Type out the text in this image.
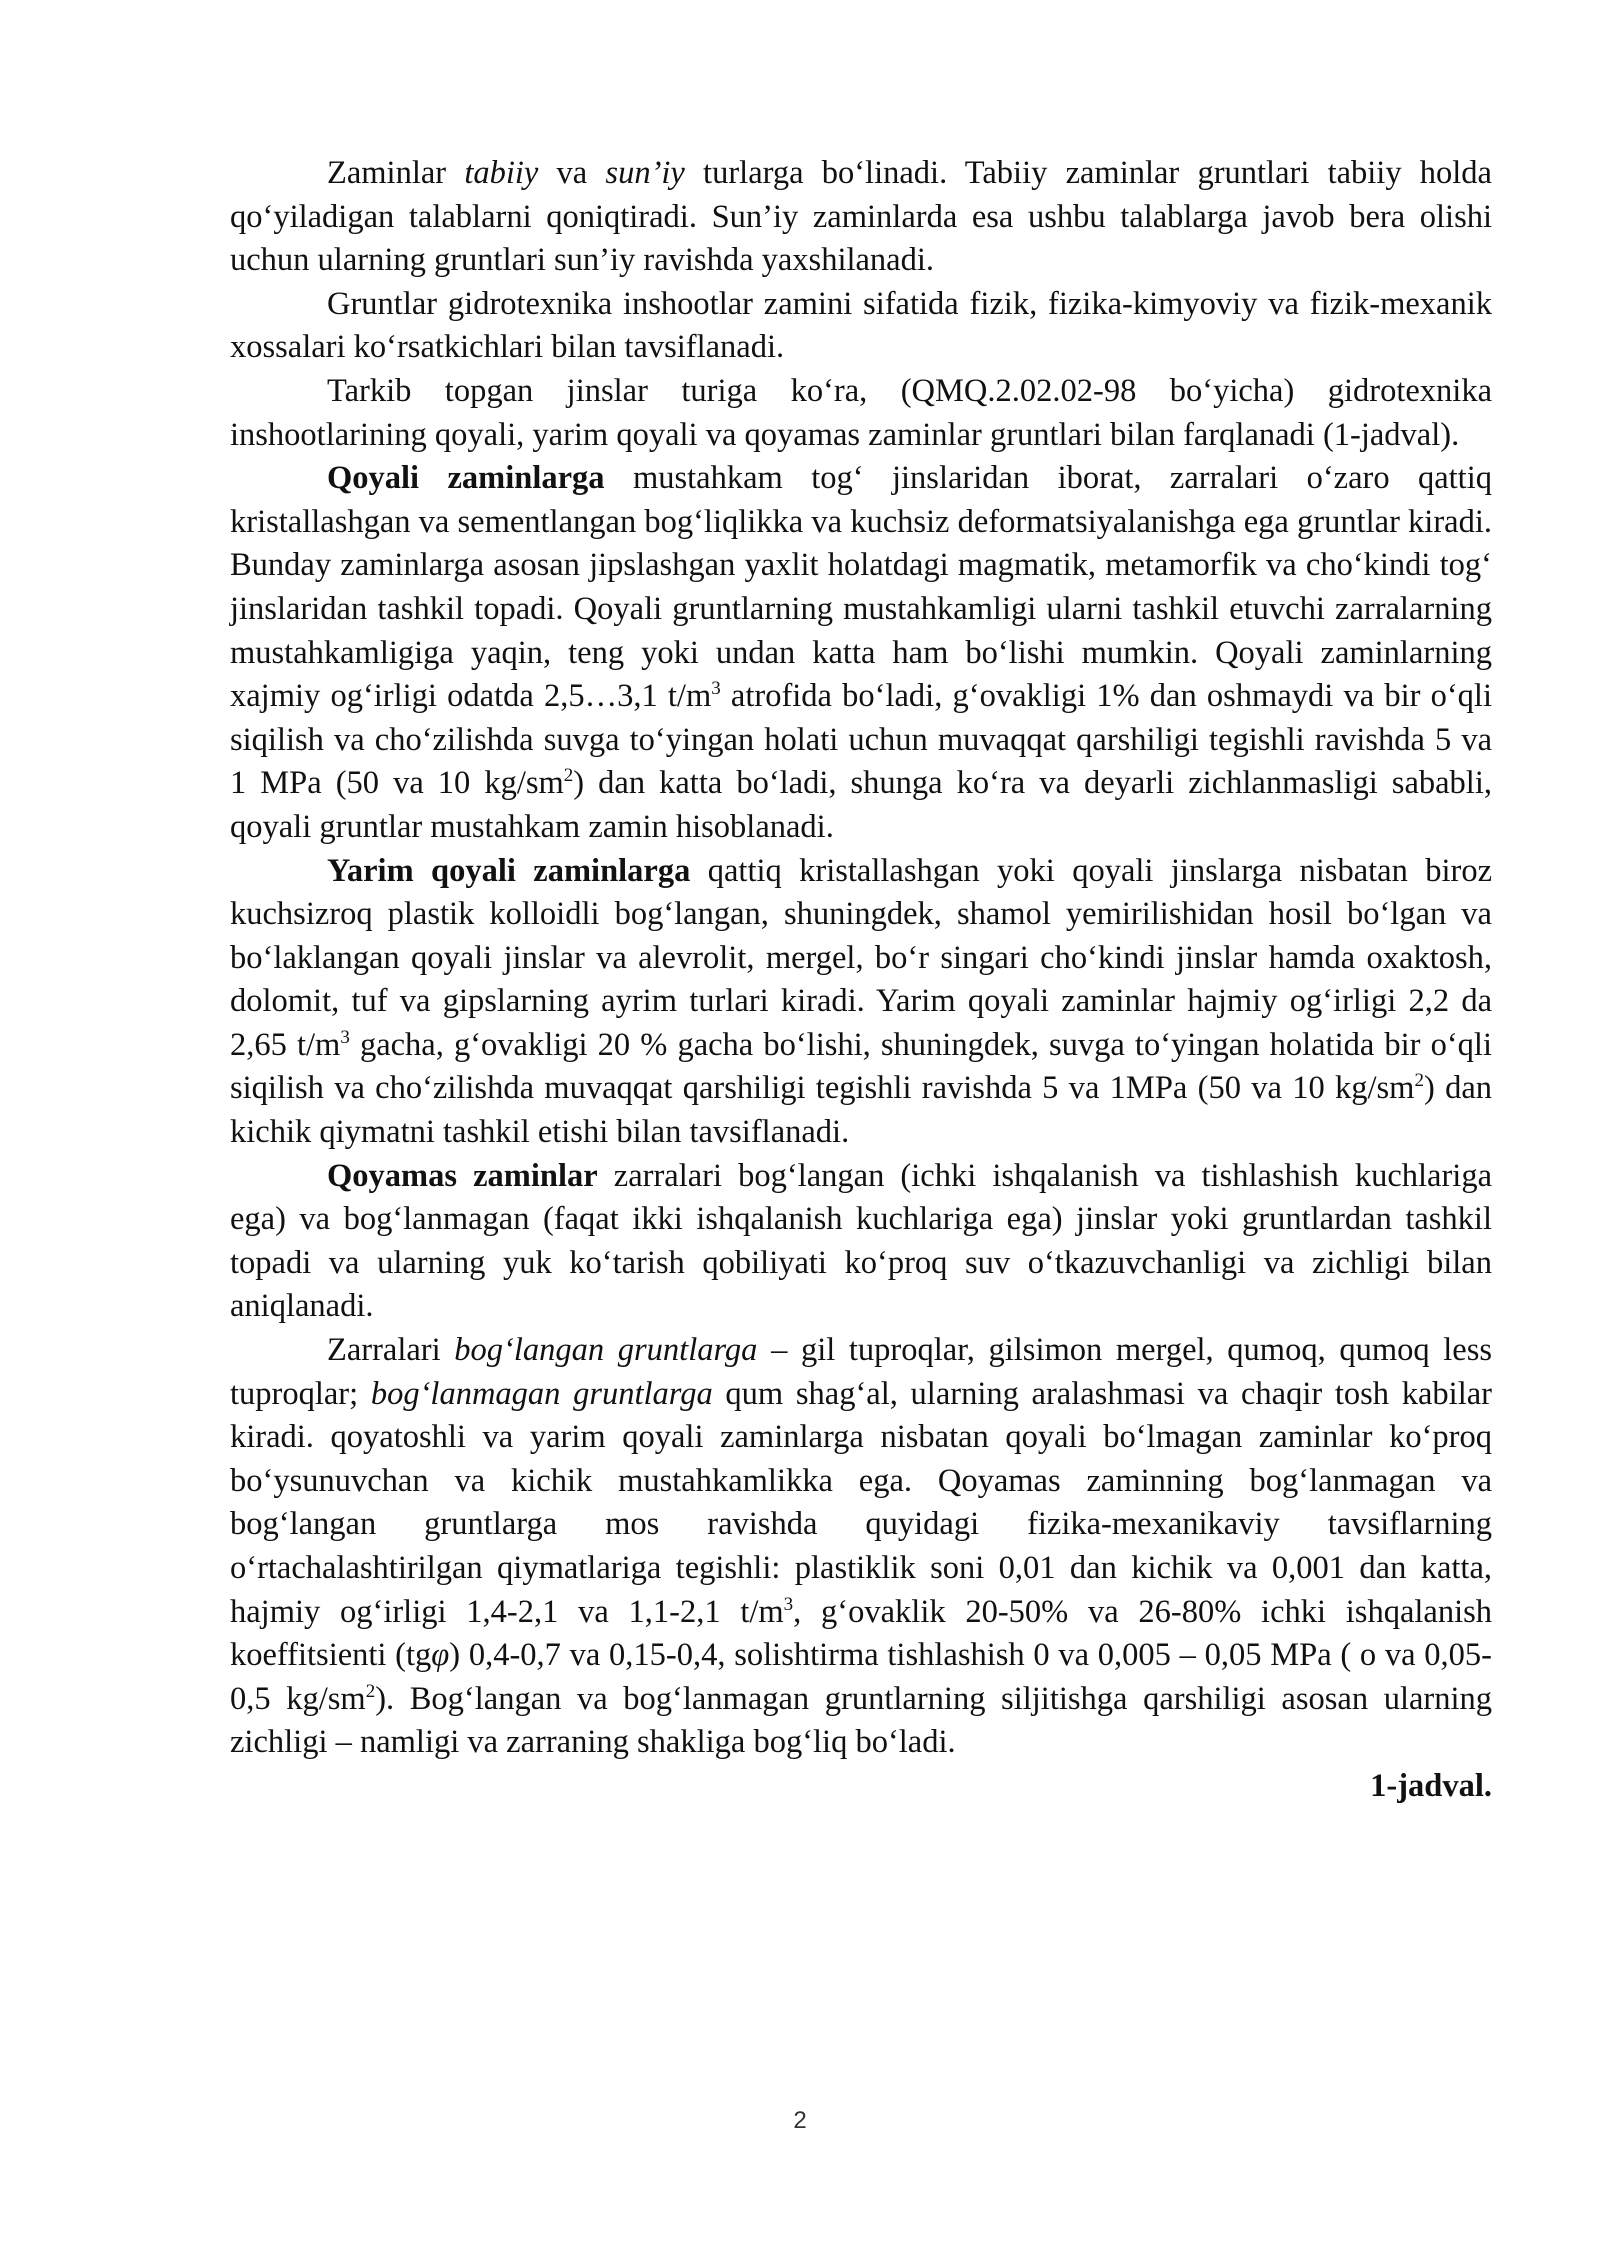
Zaminlar tabiiy va sun’iy turlarga bo‘linadi. Tabiiy zaminlar gruntlari tabiiy holda qo‘yiladigan talablarni qoniqtiradi. Sun’iy zaminlarda esa ushbu talablarga javob bera olishi uchun ularning gruntlari sun’iy ravishda yaxshilanadi.

Gruntlar gidrotexnika inshootlar zamini sifatida fizik, fizika-kimyoviy va fizik-mexanik xossalari ko‘rsatkichlari bilan tavsiflanadi.

Tarkib topgan jinslar turiga ko‘ra, (QMQ.2.02.02-98 bo‘yicha) gidrotexnika inshootlarining qoyali, yarim qoyali va qoyamas zaminlar gruntlari bilan farqlanadi (1-jadval).

Qoyali zaminlarga mustahkam tog‘ jinslaridan iborat, zarralari o‘zaro qattiq kristallashgan va sementlangan bog‘liqlikka va kuchsiz deformatsiyalanishga ega gruntlar kiradi. Bunday zaminlarga asosan jipslashgan yaxlit holatdagi magmatik, metamorfik va cho‘kindi tog‘ jinslaridan tashkil topadi. Qoyali gruntlarning mustahkamligi ularni tashkil etuvchi zarralarning mustahkamligiga yaqin, teng yoki undan katta ham bo‘lishi mumkin. Qoyali zaminlarning xajmiy og‘irligi odatda 2,5…3,1 $t/m^3$ atrofida bo‘ladi, g‘ovakligi 1% dan oshmaydi va bir o‘qli siqilish va cho‘zilishda suvga to‘yingan holati uchun muvaqqat qarshiligi tegishli ravishda 5 va 1 MPa (50 va 10 $kg/sm^2$) dan katta bo‘ladi, shunga ko‘ra va deyarli zichlanmasligi sababli, qoyali gruntlar mustahkam zamin hisoblanadi.

Yarim qoyali zaminlarga qattiq kristallashgan yoki qoyali jinslarga nisbatan biroz kuchsizroq plastik kolloidli bog‘langan, shuningdek, shamol yemirilishidan hosil bo‘lgan va bo‘laklangan qoyali jinslar va alevrolit, mergel, bo‘r singari cho‘kindi jinslar hamda oxaktosh, dolomit, tuf va gipslarning ayrim turlari kiradi. Yarim qoyali zaminlar hajmiy og‘irligi 2,2 da 2,65 $t/m^3$ gacha, g‘ovakligi 20 % gacha bo‘lishi, shuningdek, suvga to‘yingan holatida bir o‘qli siqilish va cho‘zilishda muvaqqat qarshiligi tegishli ravishda 5 va 1MPa (50 va 10 $kg/sm^2$) dan kichik qiymatni tashkil etishi bilan tavsiflanadi.

Qoyamas zaminlar zarralari bog‘langan (ichki ishqalanish va tishlashish kuchlariga ega) va bog‘lanmagan (faqat ikki ishqalanish kuchlariga ega) jinslar yoki gruntlardan tashkil topadi va ularning yuk ko‘tarish qobiliyati ko‘proq suv o‘tkazuvchanligi va zichligi bilan aniqlanadi.

Zarralari bog‘langan gruntlarga – gil tuproqlar, gilsimon mergel, qumoq, qumoq less tuproqlar; bog‘lanmagan gruntlarga qum shag‘al, ularning aralashmasi va chaqir tosh kabilar kiradi. qoyatoshli va yarim qoyali zaminlarga nisbatan qoyali bo‘lmagan zaminlar ko‘proq bo‘ysunuvchan va kichik mustahkamlikka ega. Qoyamas zaminning bog‘lanmagan va bog‘langan gruntlarga mos ravishda quyidagi fizika-mexanikaviy tavsiflarning o‘rtachalashtirilgan qiymatlariga tegishli: plastiklik soni 0,01 dan kichik va 0,001 dan katta, hajmiy og‘irligi 1,4-2,1 va 1,1-2,1 $t/m^3$, g‘ovaklik 20-50% va 26-80% ichki ishqalanish koeffitsienti (tgφ) 0,4-0,7 va 0,15-0,4, solishtirma tishlashish 0 va 0,005 – 0,05 MPa ( o va 0,05-0,5 $kg/sm^2$). Bog‘langan va bog‘lanmagan gruntlarning siljitishga qarshiligi asosan ularning zichligi – namligi va zarraning shakliga bog‘liq bo‘ladi.

1-jadval.

2
